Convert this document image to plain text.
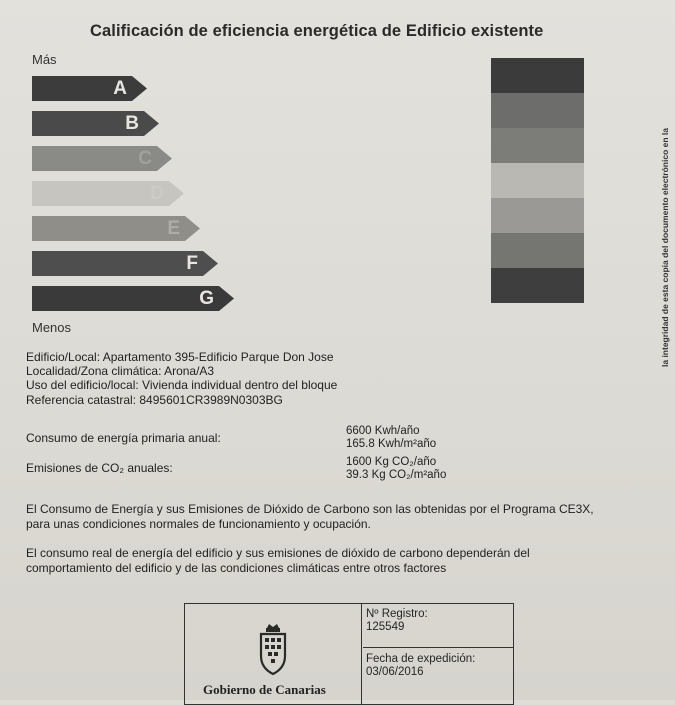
Calificación de eficiencia energética de Edificio existente
la integridad de esta copia del documento electrónico en la
Más
A
B
C
D
E
F
G
Menos
Edificio/Local: Apartamento 395-Edificio Parque Don Jose
Localidad/Zona climática: Arona/A3
Uso del edificio/local: Vivienda individual dentro del bloque
Referencia catastral: 8495601CR3989N0303BG
Consumo de energía primaria anual:	6600 Kwh/año
165.8 Kwh/m²año
Emisiones de CO₂ anuales:	1600 Kg CO₂/año
39.3 Kg CO₂/m²año
El Consumo de Energía y sus Emisiones de Dióxido de Carbono son las obtenidas por el Programa CE3X,
para unas condiciones normales de funcionamiento y ocupación.
El consumo real de energía del edificio y sus emisiones de dióxido de carbono dependerán del
comportamiento del edificio y de las condiciones climáticas entre otros factores
Gobierno de Canarias
Nº Registro:
125549
Fecha de expedición:
03/06/2016
